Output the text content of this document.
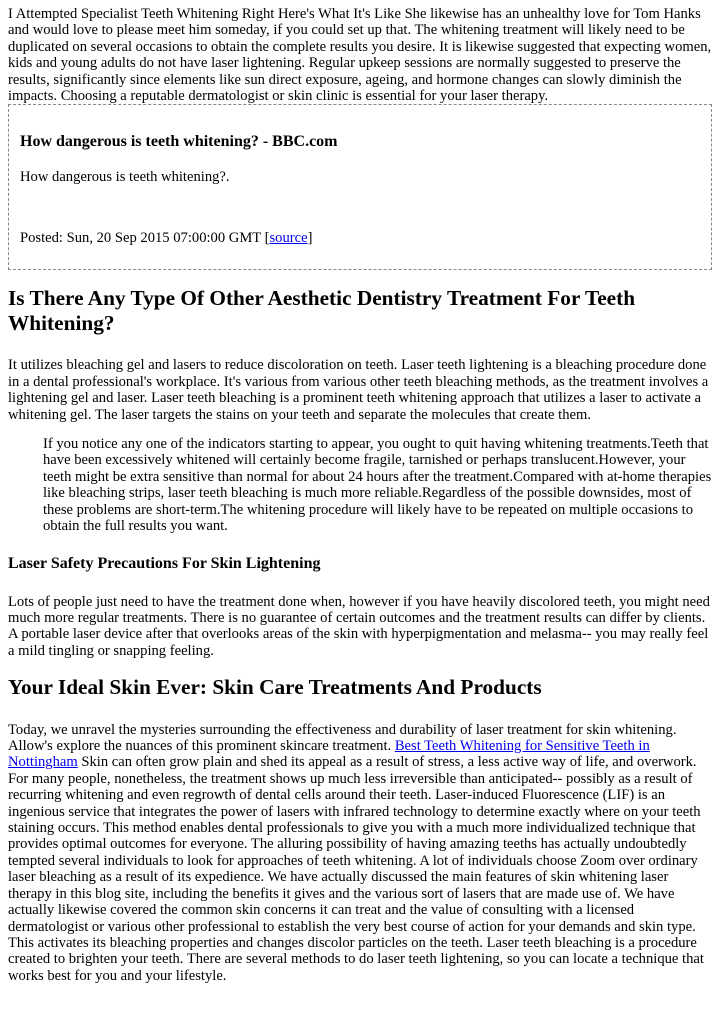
I Attempted Specialist Teeth Whitening Right Here's What It's Like She likewise has an unhealthy love for Tom Hanks and would love to please meet him someday, if you could set up that. The whitening treatment will likely need to be duplicated on several occasions to obtain the complete results you desire. It is likewise suggested that expecting women, kids and young adults do not have laser lightening. Regular upkeep sessions are normally suggested to preserve the results, significantly since elements like sun direct exposure, ageing, and hormone changes can slowly diminish the impacts. Choosing a reputable dermatologist or skin clinic is essential for your laser therapy.

How dangerous is teeth whitening? - BBC.com

How dangerous is teeth whitening?.

Posted: Sun, 20 Sep 2015 07:00:00 GMT [source]

Is There Any Type Of Other Aesthetic Dentistry Treatment For Teeth Whitening?

It utilizes bleaching gel and lasers to reduce discoloration on teeth. Laser teeth lightening is a bleaching procedure done in a dental professional's workplace. It's various from various other teeth bleaching methods, as the treatment involves a lightening gel and laser. Laser teeth bleaching is a prominent teeth whitening approach that utilizes a laser to activate a whitening gel. The laser targets the stains on your teeth and separate the molecules that create them.

If you notice any one of the indicators starting to appear, you ought to quit having whitening treatments.Teeth that have been excessively whitened will certainly become fragile, tarnished or perhaps translucent.However, your teeth might be extra sensitive than normal for about 24 hours after the treatment.Compared with at-home therapies like bleaching strips, laser teeth bleaching is much more reliable.Regardless of the possible downsides, most of these problems are short-term.The whitening procedure will likely have to be repeated on multiple occasions to obtain the full results you want.
Laser Safety Precautions For Skin Lightening

Lots of people just need to have the treatment done when, however if you have heavily discolored teeth, you might need much more regular treatments. There is no guarantee of certain outcomes and the treatment results can differ by clients. A portable laser device after that overlooks areas of the skin with hyperpigmentation and melasma-- you may really feel a mild tingling or snapping feeling.

Your Ideal Skin Ever: Skin Care Treatments And Products

Today, we unravel the mysteries surrounding the effectiveness and durability of laser treatment for skin whitening. Allow's explore the nuances of this prominent skincare treatment. Best Teeth Whitening for Sensitive Teeth in Nottingham Skin can often grow plain and shed its appeal as a result of stress, a less active way of life, and overwork. For many people, nonetheless, the treatment shows up much less irreversible than anticipated-- possibly as a result of recurring whitening and even regrowth of dental cells around their teeth. Laser-induced Fluorescence (LIF) is an ingenious service that integrates the power of lasers with infrared technology to determine exactly where on your teeth staining occurs. This method enables dental professionals to give you with a much more individualized technique that provides optimal outcomes for everyone. The alluring possibility of having amazing teeths has actually undoubtedly tempted several individuals to look for approaches of teeth whitening. A lot of individuals choose Zoom over ordinary laser bleaching as a result of its expedience. We have actually discussed the main features of skin whitening laser therapy in this blog site, including the benefits it gives and the various sort of lasers that are made use of. We have actually likewise covered the common skin concerns it can treat and the value of consulting with a licensed dermatologist or various other professional to establish the very best course of action for your demands and skin type. This activates its bleaching properties and changes discolor particles on the teeth. Laser teeth bleaching is a procedure created to brighten your teeth. There are several methods to do laser teeth lightening, so you can locate a technique that works best for you and your lifestyle.
